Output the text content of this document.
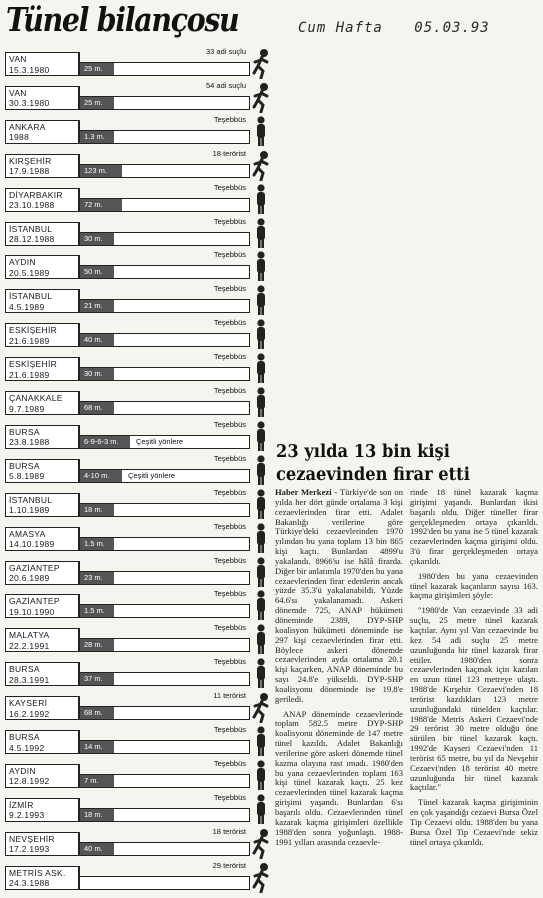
Tünel bilançosu	Cum Hafta 05.03.93
VAN
15.3.1980	25 m.
33 adi suçlu
VAN
30.3.1980	25 m.
54 adi suçlu
ANKARA
1988	1.3 m.
Teşebbüs
KIRŞEHİR
17.9.1988	123 m.
18 terörist
DİYARBAKIR
23.10.1988	72 m.
Teşebbüs
İSTANBUL
28.12.1988	30 m.
Teşebbüs
AYDIN
20.5.1989	50 m.
Teşebbüs
İSTANBUL
4.5.1989	21 m.
Teşebbüs
ESKİŞEHİR
21.6.1989	40 m.
Teşebbüs
ESKİŞEHİR
21.6.1989	30 m.
Teşebbüs
ÇANAKKALE
9.7.1989	68 m.
Teşebbüs
BURSA
23.8.1988	6-9-6-3 m.	Çeşitli yönlere
Teşebbüs
BURSA
5.8.1989	4-10 m.	Çeşitli yönlere
Teşebbüs
İSTANBUL
1.10.1989	18 m.
Teşebbüs
AMASYA
14.10.1989	1.5 m.
Teşebbüs
GAZİANTEP
20.6.1989	23 m.
Teşebbüs
GAZİANTEP
19.10.1990	1.5 m.
Teşebbüs
MALATYA
22.2.1991	28 m.
Teşebbüs
BURSA
28.3.1991	37 m.
Teşebbüs
KAYSERİ
16.2.1992	68 m.
11 terörist
BURSA
4.5.1992	14 m.
Teşebbüs
AYDIN
12.8.1992	7 m.
Teşebbüs
İZMİR
9.2.1993	18 m.
Teşebbüs
NEVŞEHİR
17.2.1993	40 m.
18 terörist
METRİS ASK.
24.3.1988
29 terörist
23 yılda 13 bin kişi
cezaevinden firar etti

Haber Merkezi - Türkiye'de son on yılda her dört günde ortalama 3 kişi cezaevlerinden firar etti. Adalet Bakanlığı verilerine göre Türkiye'deki cezaevlerinden 1970 yılından bu yana toplam 13 bin 865 kişi kaçtı. Bunlardan 4899'u yakalandı. 8966'sı ise hâlâ firarda. Diğer bir anlatımla 1970'den bu yana cezaevlerinden firar edenlerin ancak yüzde 35.3'ü yakalanabildi. Yüzde 64.6'sı yakalanamadı. Askeri dönemde 725, ANAP hükümeti döneminde 2389, DYP-SHP koalisyon hükümeti döneminde ise 297 kişi cezaevlerinden firar etti. Böylece askeri dönemde cezaevlerinden ayda ortalama 20.1 kişi kaçarken, ANAP döneminde bu sayı 24.8'e yükseldi. DYP-SHP koalisyonu döneminde ise 19.8'e geriledi.

ANAP döneminde cezaevlerinde toplam 582.5 metre DYP-SHP koalisyonu döneminde de 147 metre tünel kazıldı. Adalet Bakanlığı verilerine göre askeri dönemde tünel kazma olayına rast ımadı. 1980'den bu yana cezaevlerinden toplam 163 kişi tünel kazarak kaçtı. 25 kez cezaevlerinden tünel kazarak kaçma girişimi yaşandı. Bunlardan 6'sı başarılı oldu. Cezaevlerinden tünel kazarak kaçma girişimleri özellikle 1988'den sonra yoğunlaştı. 1988-1991 yılları arasında cezaevle-

rinde 18 tünel kazarak kaçma girişimi yaşandı. Bunlardan ikisi başarılı oldu. Diğer tüneller firar gerçekleşmeden ortaya çıkarıldı. 1992'den bu yana ise 5 tünel kazarak cezaevlerinden kaçma girişimi oldu. 3'ü firar gerçekleşmeden ortaya çıkarıldı.

1980'den bu yana cezaevinden tünel kazarak kaçanların sayısı 163. kaçma girişimleri şöyle:

"1980'de Van cezaevinde 33 adi suçlu, 25 metre tünel kazarak kaçtılar. Aynı yıl Van cezaevinde bu kez 54 adi suçlu 25 metre uzunluğunda bir tünel kazarak firar ettiler. 1980'den sonra cezaevlerinden kaçmak için kazılan en uzun tünel 123 metreye ulaştı. 1988'de Kırşehir Cezaevi'nden 18 terörist kazdıkları 123 metre uzunluğundaki tünelden kaçtılar. 1988'de Metris Askeri Cezaevi'nde 29 terörist 30 metre olduğu öne sürülen bir tünel kazarak kaçtı. 1992'de Kayseri Cezaevi'nden 11 terörist 65 metre, bu yıl da Nevşehir Cezaevi'nden 18 terörist 40 metre uzunluğunda bir tünel kazarak kaçtılar."

Tünel kazarak kaçma girişiminin en çok yaşandığı cezaevi Bursa Özel Tip Cezaevi oldu. 1988'den bu yana Bursa Özel Tip Cezaevi'nde sekiz tünel ortaya çıkarıldı.
